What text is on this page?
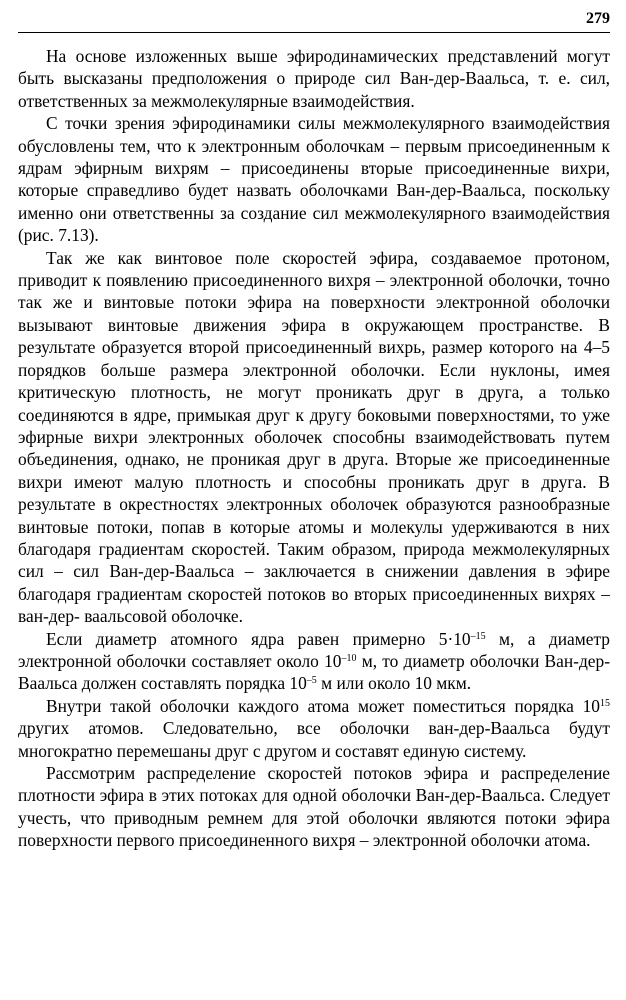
279

На основе изложенных выше эфиродинамических представлений могут быть высказаны предположения о природе сил Ван-дер-Ваальса, т. е. сил, ответственных за межмолекулярные взаимодействия.

С точки зрения эфиродинамики силы межмолекулярного взаимодействия обусловлены тем, что к электронным оболочкам – первым присоединенным к ядрам эфирным вихрям – присоединены вторые присоединенные вихри, которые справедливо будет назвать оболочками Ван-дер-Ваальса, поскольку именно они ответственны за создание сил межмолекулярного взаимодействия (рис. 7.13).

Так же как винтовое поле скоростей эфира, создаваемое протоном, приводит к появлению присоединенного вихря – электронной оболочки, точно так же и винтовые потоки эфира на поверхности электронной оболочки вызывают винтовые движения эфира в окружающем пространстве. В результате образуется второй присоединенный вихрь, размер которого на 4–5 порядков больше размера электронной оболочки. Если нуклоны, имея критическую плотность, не могут проникать друг в друга, а только соединяются в ядре, примыкая друг к другу боковыми поверхностями, то уже эфирные вихри электронных оболочек способны взаимодействовать путем объединения, однако, не проникая друг в друга. Вторые же присоединенные вихри имеют малую плотность и способны проникать друг в друга. В результате в окрестностях электронных оболочек образуются разнообразные винтовые потоки, попав в которые атомы и молекулы удерживаются в них благодаря градиентам скоростей. Таким образом, природа межмолекулярных сил – сил Ван-дер-Ваальса – заключается в снижении давления в эфире благодаря градиентам скоростей потоков во вторых присоединенных вихрях – ван-дер- ваальсовой оболочке.

Если диаметр атомного ядра равен примерно $5\cdot 10^{-15}$ м, а диаметр электронной оболочки составляет около $10^{-10}$ м, то диаметр оболочки Ван-дер-Ваальса должен составлять порядка $10^{-5}$ м или около 10 мкм.

Внутри такой оболочки каждого атома может поместиться порядка $10^{15}$ других атомов. Следовательно, все оболочки ван-дер-Ваальса будут многократно перемешаны друг с другом и составят единую систему.

Рассмотрим распределение скоростей потоков эфира и распределение плотности эфира в этих потоках для одной оболочки Ван-дер-Ваальса. Следует учесть, что приводным ремнем для этой оболочки являются потоки эфира поверхности первого присоединенного вихря – электронной оболочки атома.
